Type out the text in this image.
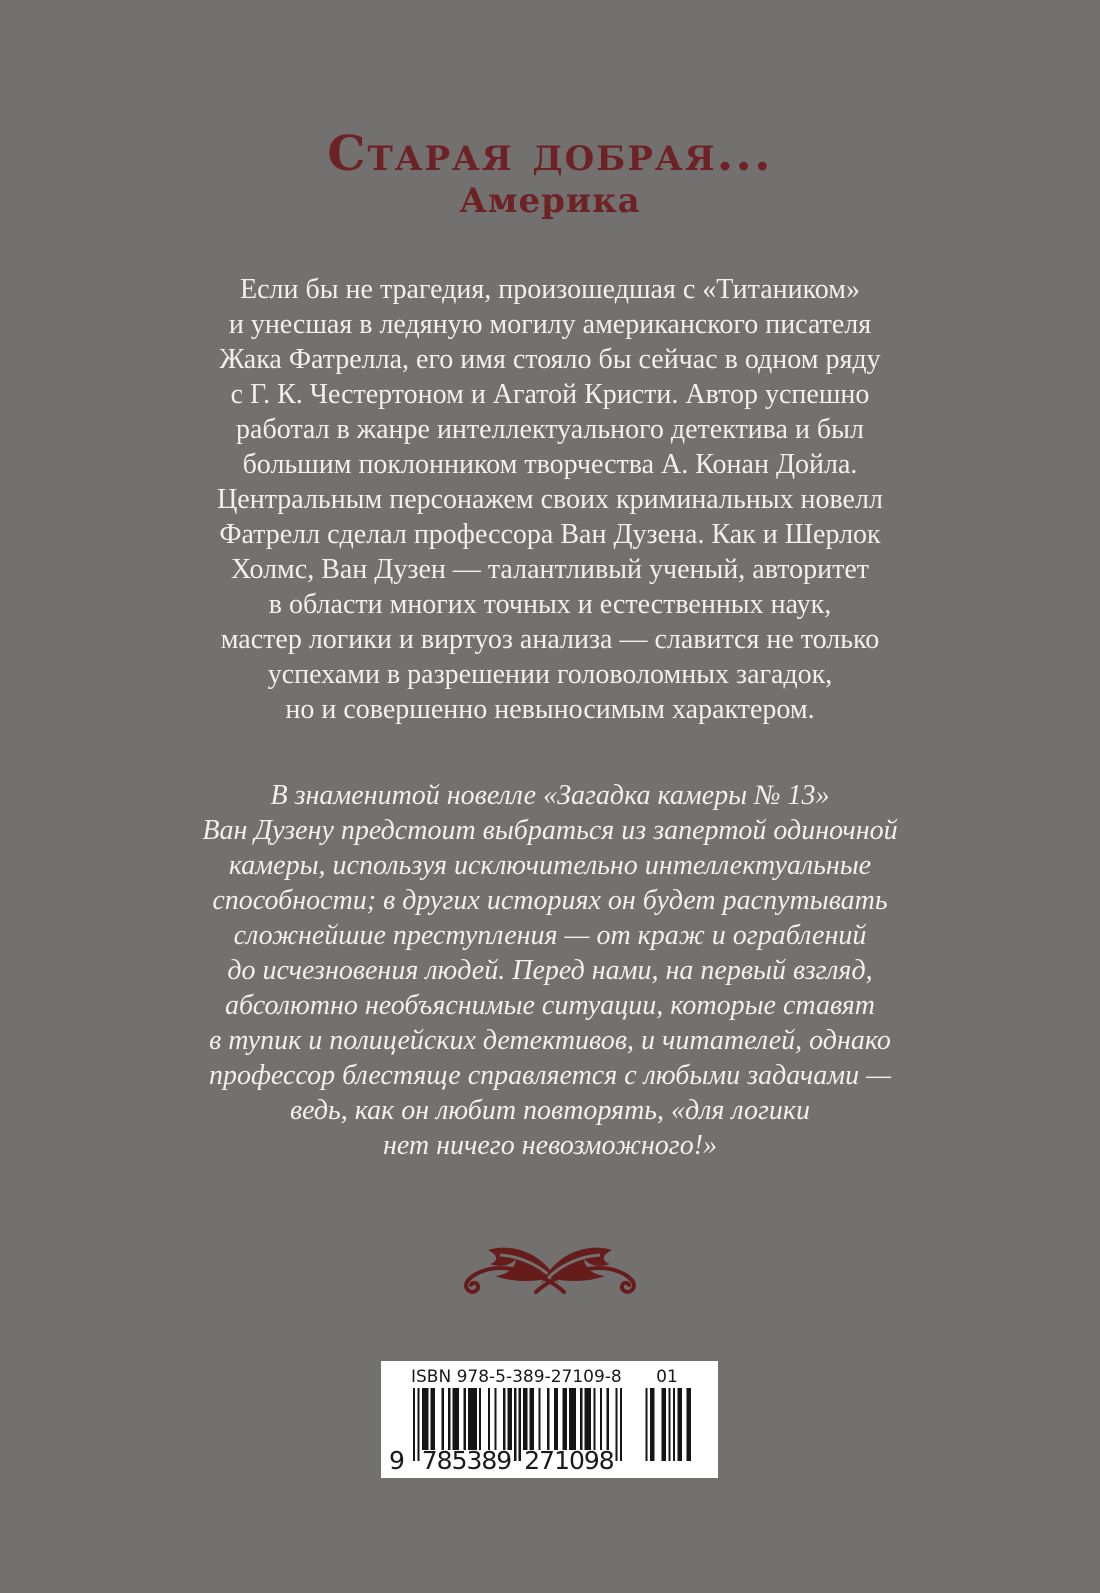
Старая добрая...
Америка
Если бы не трагедия, произошедшая с «Титаником»
и унесшая в ледяную могилу американского писателя
Жака Фатрелла, его имя стояло бы сейчас в одном ряду
с Г. К. Честертоном и Агатой Кристи. Автор успешно
работал в жанре интеллектуального детектива и был
большим поклонником творчества А. Конан Дойла.
Центральным персонажем своих криминальных новелл
Фатрелл сделал профессора Ван Дузена. Как и Шерлок
Холмс, Ван Дузен — талантливый ученый, авторитет
в области многих точных и естественных наук,
мастер логики и виртуоз анализа — славится не только
успехами в разрешении головоломных загадок,
но и совершенно невыносимым характером.
В знаменитой новелле «Загадка камеры № 13»
Ван Дузену предстоит выбраться из запертой одиночной
камеры, используя исключительно интеллектуальные
способности; в других историях он будет распутывать
сложнейшие преступления — от краж и ограблений
до исчезновения людей. Перед нами, на первый взгляд,
абсолютно необъяснимые ситуации, которые ставят
в тупик и полицейских детективов, и читателей, однако
профессор блестяще справляется с любыми задачами —
ведь, как он любит повторять, «для логики
нет ничего невозможного!»
ISBN 978-5-389-27109-8	01
9 785389 271098
